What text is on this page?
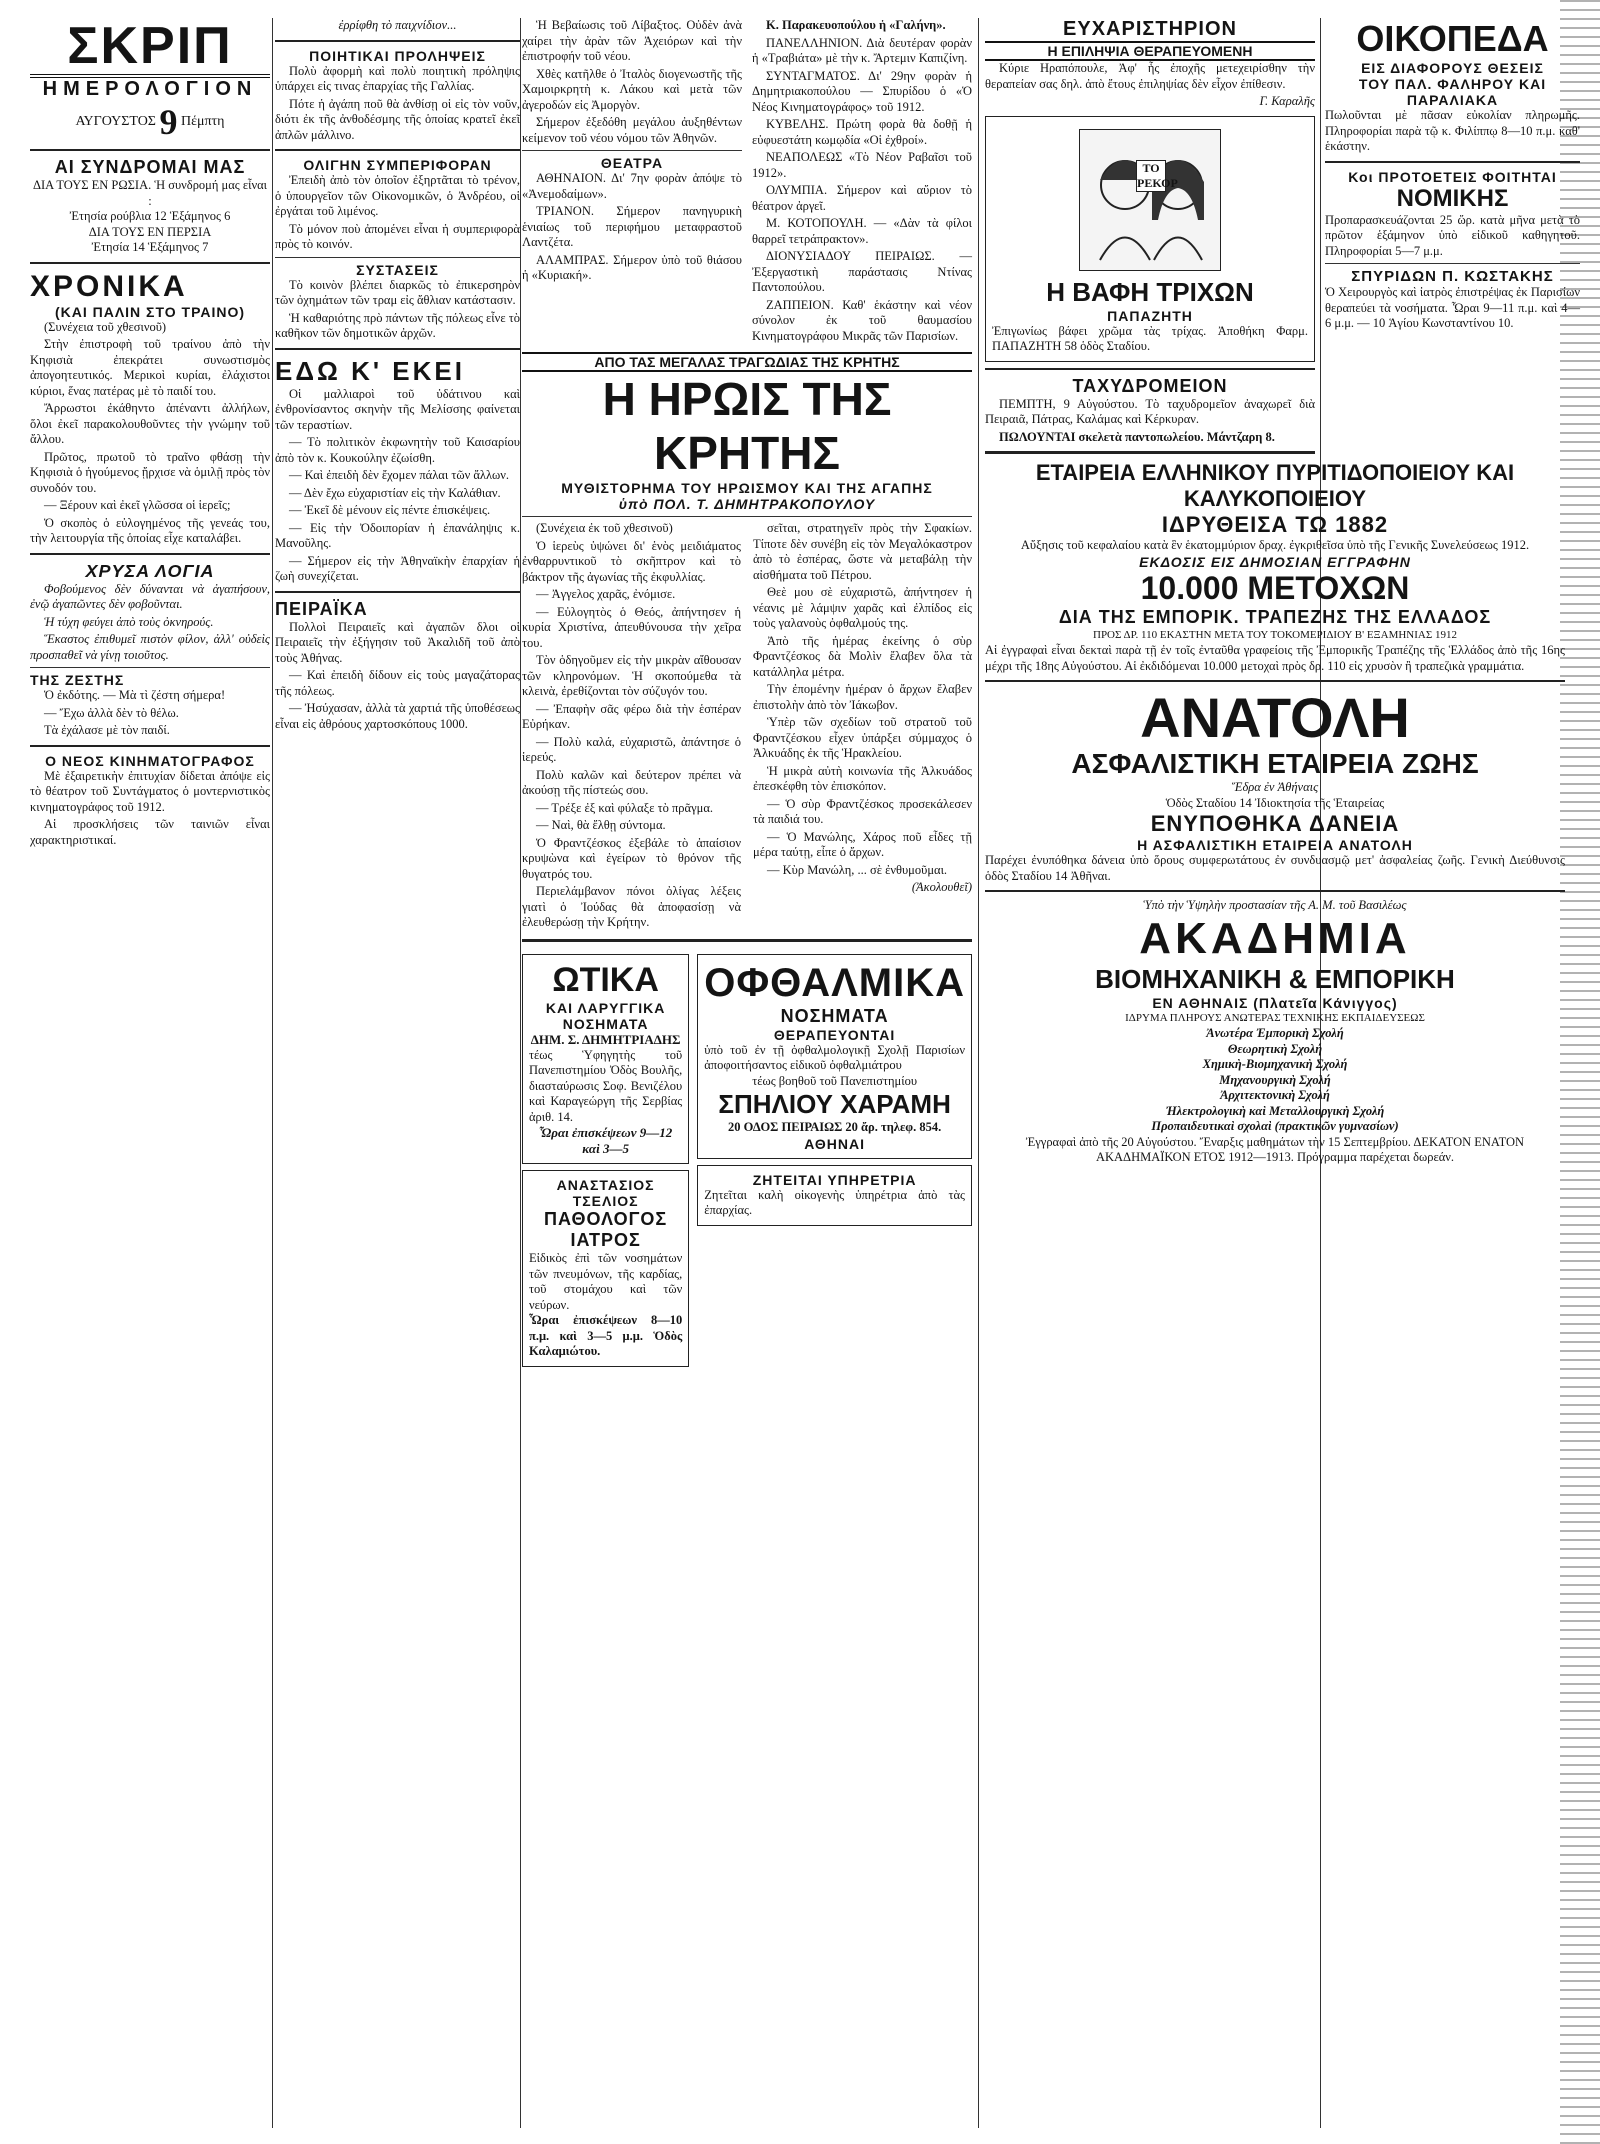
ΣΚΡΙΠ
ΗΜΕΡΟΛΟΓΙΟΝ
ΑΥΓΟΥΣΤΟΣ 9 Πέμπτη
ΑΙ ΣΥΝΔΡΟΜΑΙ ΜΑΣ
ΔΙΑ ΤΟΥΣ ΕΝ ΡΩΣΙΑ. Ἡ συνδρομή μας εἶναι :
Ἐτησία ρούβλια 12 Ἑξάμηνος 6
ΔΙΑ ΤΟΥΣ ΕΝ ΠΕΡΣΙΑ
Ἐτησία 14 Ἑξάμηνος 7
ΧΡΟΝΙΚΑ
(ΚΑΙ ΠΑΛΙΝ ΣΤΟ ΤΡΑΙΝΟ)

(Συνέχεια τοῦ χθεσινοῦ)

Στὴν ἐπιστροφὴ τοῦ τραίνου ἀπὸ τὴν Κηφισιὰ ἐπεκράτει συνωστισμὸς ἀπογοητευτικός. Μερικοὶ κυρίαι, ἐλάχιστοι κύριοι, ἕνας πατέρας μὲ τὸ παιδί του.

Ἄρρωστοι ἐκάθηντο ἀπέναντι ἀλλήλων, ὅλοι ἐκεῖ παρακολουθοῦντες τὴν γνώμην τοῦ ἄλλου.

Πρῶτος, πρωτοῦ τὸ τραῖνο φθάσῃ τὴν Κηφισιὰ ὁ ἡγούμενος ᾔρχισε νὰ ὁμιλῇ πρὸς τὸν συνοδόν του.

— Ξέρουν καὶ ἐκεῖ γλῶσσα οἱ ἱερεῖς;

Ὁ σκοπὸς ὁ εὐλογημένος τῆς γενεάς του, τὴν λειτουργία τῆς ὁποίας εἶχε καταλάβει.

ΧΡΥΣΑ ΛΟΓΙΑ

Φοβούμενος δὲν δύνανται νὰ ἀγαπήσουν, ἐνῷ ἀγαπῶντες δὲν φοβοῦνται.

Ἡ τύχη φεύγει ἀπὸ τοὺς ὀκνηρούς.

Ἕκαστος ἐπιθυμεῖ πιστὸν φίλον, ἀλλ' οὐδεὶς προσπαθεῖ νὰ γίνῃ τοιοῦτος.

ΤΗΣ ΖΕΣΤΗΣ

Ὁ ἐκδότης. — Μὰ τὶ ζέστη σήμερα!

— Ἔχω ἀλλὰ δὲν τὸ θέλω.

Τὰ ἐχάλασε μὲ τὸν παιδί.

Ο ΝΕΟΣ ΚΙΝΗΜΑΤΟΓΡΑΦΟΣ

Μὲ ἐξαιρετικὴν ἐπιτυχίαν δίδεται ἀπόψε εἰς τὸ θέατρον τοῦ Συντάγματος ὁ μοντερνιστικὸς κινηματογράφος τοῦ 1912.

Αἱ προσκλήσεις τῶν ταινιῶν εἶναι χαρακτηριστικαί.

ἐρρίφθη τὸ παιχνίδιον...
ΠΟΙΗΤΙΚΑΙ ΠΡΟΛΗΨΕΙΣ

Πολὺ ἀφορμὴ καὶ πολὺ ποιητικὴ πρόληψις ὑπάρχει εἰς τινας ἐπαρχίας τῆς Γαλλίας.

Πότε ἡ ἀγάπη ποῦ θὰ ἀνθίσῃ οἱ εἰς τὸν νοῦν, διότι ἐκ τῆς ἀνθοδέσμης τῆς ὁποίας κρατεῖ ἐκεῖ ἀπλῶν μάλλινο.

ΟΛΙΓΗΝ ΣΥΜΠΕΡΙΦΟΡΑΝ

Ἐπειδὴ ἀπὸ τὸν ὁποῖον ἐξηρτᾶται τὸ τρένον, ὁ ὑπουργεῖον τῶν Οἰκονομικῶν, ὁ Ἀνδρέου, οἱ ἐργάται τοῦ λιμένος.

Τὸ μόνον ποὺ ἀπομένει εἶναι ἡ συμπεριφορὰ πρὸς τὸ κοινόν.

ΣΥΣΤΑΣΕΙΣ

Τὸ κοινὸν βλέπει διαρκῶς τὸ ἐπικερσηρὸν τῶν ὀχημάτων τῶν τραμ εἰς ἄθλιαν κατάστασιν.

Ἡ καθαριότης πρὸ πάντων τῆς πόλεως εἶνε τὸ καθῆκον τῶν δημοτικῶν ἀρχῶν.

ΕΔΩ Κ' ΕΚΕΙ

Οἱ μαλλιαροὶ τοῦ ὑδάτινου καὶ ἐνθρονίσαντος σκηνὴν τῆς Μελίσσης φαίνεται τῶν τεραστίων.

— Τὸ πολιτικὸν ἐκφωνητὴν τοῦ Καισαρίου ἀπὸ τὸν κ. Κουκούλην ἐζωίσθη.

— Καὶ ἐπειδὴ δὲν ἔχομεν πάλαι τῶν ἄλλων.

— Δὲν ἔχω εὐχαριστίαν εἰς τὴν Καλάθιαν.

— Ἐκεῖ δὲ μένουν εἰς πέντε ἐπισκέψεις.

— Εἰς τὴν Ὀδοιπορίαν ἡ ἐπανάληψις κ. Μανοῦλης.

— Σήμερον εἰς τὴν Ἀθηναϊκὴν ἐπαρχίαν ἡ ζωὴ συνεχίζεται.

ΠΕΙΡΑΪΚΑ

Πολλοὶ Πειραιεῖς καὶ ἀγαπῶν δλοι οἱ Πειραιεῖς τὴν ἐξήγησιν τοῦ Ἀκαλιδῆ τοῦ ἀπὸ τοὺς Ἀθήνας.

— Καὶ ἐπειδὴ δίδουν εἰς τοὺς μαγαζάτορας τῆς πόλεως.

— Ἠσύχασαν, ἀλλὰ τὰ χαρτιά τῆς ὑποθέσεως εἶναι εἰς ἀθρόους χαρτοσκόπους 1000.

Ἡ Βεβαίωσις τοῦ Λίβαξτος. Οὐδὲν ἀνὰ χαίρει τὴν ἀρὰν τῶν Ἀχειόρων καὶ τὴν ἐπιστροφήν τοῦ νέου.

Χθὲς κατῆλθε ὁ Ἰταλὸς διογενωστῆς τῆς Χαμοιρκρητὴ κ. Λάκου καὶ μετὰ τῶν ἀγεροδών εἰς Ἀμοργὸν.

Σήμερον ἐξεδόθη μεγάλου ἀυξηθέντων κείμενον τοῦ νέου νόμου τῶν Ἀθηνῶν.

ΘΕΑΤΡΑ

ΑΘΗΝΑΙΟΝ. Δι' 7ην φορὰν ἀπόψε τὸ «Ἀνεμοδαίμων».

ΤΡΙΑΝΟΝ. Σήμερον πανηγυρικὴ ἑνιαίως τοῦ περιφήμου μεταφραστοῦ Λαντζέτα.

ΑΛΑΜΠΡΑΣ. Σήμερον ὑπὸ τοῦ θιάσου ἡ «Κυριακή».

Κ. Παρακευοπούλου ἡ «Γαλήνη».

ΠΑΝΕΛΛΗΝΙΟΝ. Διὰ δευτέραν φορὰν ἡ «Τραβιάτα» μὲ τὴν κ. Ἄρτεμιν Καπιζίνη.

ΣΥΝΤΑΓΜΑΤΟΣ. Δι' 29ην φορὰν ἡ Δημητριακοπούλου — Σπυρίδου ὁ «Ὁ Νέος Κινηματογράφος» τοῦ 1912.

ΚΥΒΕΛΗΣ. Πρώτη φορὰ θὰ δοθῇ ἡ εὐφυεστάτη κωμῳδία «Οἱ ἐχθροί».

ΝΕΑΠΟΛΕΩΣ «Τὸ Νέον Ραβαῖσι τοῦ 1912».

ΟΛΥΜΠΙΑ. Σήμερον καὶ αὔριον τὸ θέατρον ἀργεῖ.

Μ. ΚΟΤΟΠΟΥΛΗ. — «Δὰν τὰ φίλοι θαρρεῖ τετράπρακτον».

ΔΙΟΝΥΣΙΑΔΟΥ ΠΕΙΡΑΙΩΣ. — Ἐξεργαστικὴ παράστασις Ντίνας Παντοπούλου.

ΖΑΠΠΕΙΟΝ. Καθ' ἑκάστην καὶ νέον σύνολον ἐκ τοῦ θαυμασίου Κινηματογράφου Μικρᾶς τῶν Παρισίων.

ΑΠΟ ΤΑΣ ΜΕΓΑΛΑΣ ΤΡΑΓΩΔΙΑΣ ΤΗΣ ΚΡΗΤΗΣ
Η ΗΡΩΙΣ ΤΗΣ ΚΡΗΤΗΣ
ΜΥΘΙΣΤΟΡΗΜΑ ΤΟΥ ΗΡΩΙΣΜΟΥ ΚΑΙ ΤΗΣ ΑΓΑΠΗΣ
ὑπὸ ΠΟΛ. Τ. ΔΗΜΗΤΡΑΚΟΠΟΥΛΟΥ

(Συνέχεια ἐκ τοῦ χθεσινοῦ)

Ὁ ἱερεὺς ὑψώνει δι' ἑνὸς μειδιάματος ἐνθαρρυντικοῦ τὸ σκῆπτρον καὶ τὸ βάκτρον τῆς ἀγωνίας τῆς ἐκφυλλίας.

— Ἀγγελος χαρᾶς, ἐνόμισε.

— Εὐλογητὸς ὁ Θεός, ἀπήντησεν ἡ κυρία Χριστίνα, ἀπευθύνουσα τὴν χεῖρα του.

Τὸν ὁδηγοῦμεν εἰς τὴν μικρὰν αἴθουσαν τῶν κληρονόμων. Ἡ σκοπούμεθα τὰ κλεινὰ, ἐρεθίζονται τὸν σύζυγόν του.

— Ἐπαφὴν σᾶς φέρω διὰ τὴν ἑσπέραν Εὐρήκαν.

— Πολὺ καλά, εὐχαριστῶ, ἀπάντησε ὁ ἱερεύς.

Πολὺ καλῶν καὶ δεύτερον πρέπει νὰ ἀκούσῃ τῆς πίστεώς σου.

— Τρέξε ἐξ καὶ φύλαξε τὸ πρᾶγμα.

— Ναὶ, θὰ ἔλθῃ σύντομα.

Ὁ Φραντζέσκος ἐξεβάλε τὸ ἀπαίσιον κρυψὼνα καὶ ἐγείρων τὸ θρόνον τῆς θυγατρός του.

Περιελάμβανον πόνοι ὀλίγας λέξεις γιατὶ ὁ Ἰούδας θὰ ἀποφασίσῃ νὰ ἐλευθερώσῃ τὴν Κρήτην.

σεῖται, στρατηγεῖν πρὸς τὴν Σφακίων. Τίποτε δὲν συνέβη εἰς τὸν Μεγαλόκαστρον ἀπὸ τὸ ἐσπέρας, ὥστε νὰ μεταβάλῃ τὴν αἰσθήματα τοῦ Πέτρου.

Θεὲ μου σὲ εὐχαριστῶ, ἀπήντησεν ἡ νέανις μὲ λάμψιν χαρᾶς καὶ ἐλπίδος εἰς τοὺς γαλανοὺς ὀφθαλμούς της.

Ἀπὸ τῆς ἡμέρας ἐκείνης ὁ σὺρ Φραντζέσκος δὰ Μολὶν ἔλαβεν ὅλα τὰ κατάλληλα μέτρα.

Τὴν ἐπομένην ἡμέραν ὁ ἄρχων ἔλαβεν ἐπιστολὴν ἀπὸ τὸν Ἰάκωβον.

Ὑπὲρ τῶν σχεδίων τοῦ στρατοῦ τοῦ Φραντζέσκου εἶχεν ὑπάρξει σύμμαχος ὁ Ἀλκυάδης ἐκ τῆς Ἡρακλείου.

Ἡ μικρὰ αὐτὴ κοινωνία τῆς Ἀλκυάδος ἐπεσκέφθη τὸν ἐπισκόπον.

— Ὁ σὺρ Φραντζέσκος προσεκάλεσεν τὰ παιδιά του.

— Ὁ Μανώλης, Χάρος ποῦ εἶδες τῇ μέρα ταύτῃ, εἶπε ὁ ἄρχων.

— Κὺρ Μανώλη, ... σὲ ἐνθυμοῦμαι.

(Ἀκολουθεῖ)

ΩΤΙΚΑ
ΚΑΙ ΛΑΡΥΓΓΙΚΑ ΝΟΣΗΜΑΤΑ
ΔΗΜ. Σ. ΔΗΜΗΤΡΙΑΔΗΣ
τέως Ὑφηγητὴς τοῦ Πανεπιστημίου Ὀδὸς Βουλῆς, διασταύρωσις Σοφ. Βενιζέλου καὶ Καραγεώργη τῆς Σερβίας ἀριθ. 14.
Ὧραι ἐπισκέψεων 9—12 καὶ 3—5
ΑΝΑΣΤΑΣΙΟΣ ΤΣΕΛΙΟΣ
ΠΑΘΟΛΟΓΟΣ ΙΑΤΡΟΣ
Εἰδικὸς ἐπὶ τῶν νοσημάτων τῶν πνευμόνων, τῆς καρδίας, τοῦ στομάχου καὶ τῶν νεύρων.
Ὧραι ἐπισκέψεων 8—10 π.μ. καὶ 3—5 μ.μ. Ὁδὸς Καλαμιώτου.
ΟΦΘΑΛΜΙΚΑ
ΝΟΣΗΜΑΤΑ
ΘΕΡΑΠΕΥΟΝΤΑΙ
ὑπὸ τοῦ ἐν τῇ ὀφθαλμολογικῇ Σχολῇ Παρισίων ἀποφοιτήσαντος εἰδικοῦ ὀφθαλμιάτρου
τέως βοηθοῦ τοῦ Πανεπιστημίου
ΣΠΗΛΙΟΥ ΧΑΡΑΜΗ
20 ΟΔΟΣ ΠΕΙΡΑΙΩΣ 20 ἄρ. τηλεφ. 854.
ΑΘΗΝΑΙ
ΖΗΤΕΙΤΑΙ ΥΠΗΡΕΤΡΙΑ
Ζητεῖται καλὴ οἰκογενὴς ὑπηρέτρια ἀπὸ τὰς ἐπαρχίας.
ΕΥΧΑΡΙΣΤΗΡΙΟΝ
Η ΕΠΙΛΗΨΙΑ ΘΕΡΑΠΕΥΟΜΕΝΗ

Κύριε Ηραπόπουλε, Ἀφ' ἧς ἐποχῆς μετεχειρίσθην τὴν θεραπείαν σας δηλ. ἀπὸ ἔτους ἐπιληψίας δὲν εἶχον ἐπίθεσιν.

Γ. Καραλῆς

ΤΟ ΡΕΚΟΡ
Η ΒΑΦΗ ΤΡΙΧΩΝ
ΠΑΠΑΖΗΤΗ
Ἐπιγωνίως βάφει χρῶμα τὰς τρίχας. Ἀποθήκη Φαρμ. ΠΑΠΑΖΗΤΗ 58 ὁδὸς Σταδίου.
ΤΑΧΥΔΡΟΜΕΙΟΝ

ΠΕΜΠΤΗ, 9 Αὐγούστου. Τὸ ταχυδρομεῖον ἀναχωρεῖ διὰ Πειραιᾶ, Πάτρας, Καλάμας καὶ Κέρκυραν.

ΠΩΛΟΥΝΤΑΙ σκελετὰ παντοπωλείου. Μάντζαρη 8.

ΕΤΑΙΡΕΙΑ ΕΛΛΗΝΙΚΟΥ ΠΥΡΙΤΙΔΟΠΟΙΕΙΟΥ ΚΑΙ ΚΑΛΥΚΟΠΟΙΕΙΟΥ
ΙΔΡΥΘΕΙΣΑ ΤΩ 1882
Αὔξησις τοῦ κεφαλαίου κατὰ ἓν ἑκατομμύριον δραχ. ἐγκριθεῖσα ὑπὸ τῆς Γενικῆς Συνελεύσεως 1912.
ΕΚΔΟΣΙΣ ΕΙΣ ΔΗΜΟΣΙΑΝ ΕΓΓΡΑΦΗΝ
10.000 ΜΕΤΟΧΩΝ
ΔΙΑ ΤΗΣ ΕΜΠΟΡΙΚ. ΤΡΑΠΕΖΗΣ ΤΗΣ ΕΛΛΑΔΟΣ
ΠΡΟΣ ΔΡ. 110 ΕΚΑΣΤΗΝ ΜΕΤΑ ΤΟΥ ΤΟΚΟΜΕΡΙΔΙΟΥ Β' ΕΞΑΜΗΝΙΑΣ 1912
Αἱ ἐγγραφαὶ εἶναι δεκταὶ παρὰ τῇ ἐν τοῖς ἐνταῦθα γραφείοις τῆς Ἐμπορικῆς Τραπέζης τῆς Ἑλλάδος ἀπὸ τῆς 16ης μέχρι τῆς 18ης Αὐγούστου. Αἱ ἐκδιδόμεναι 10.000 μετοχαὶ πρὸς δρ. 110 εἰς χρυσὸν ἢ τραπεζικὰ γραμμάτια.
ΑΝΑΤΟΛΗ
ΑΣΦΑΛΙΣΤΙΚΗ ΕΤΑΙΡΕΙΑ ΖΩΗΣ
Ἕδρα ἐν Ἀθήναις
Ὁδὸς Σταδίου 14 Ἰδιοκτησία τῆς Ἑταιρείας
ΕΝΥΠΟΘΗΚΑ ΔΑΝΕΙΑ
Η ΑΣΦΑΛΙΣΤΙΚΗ ΕΤΑΙΡΕΙΑ ΑΝΑΤΟΛΗ
Παρέχει ἐνυπόθηκα δάνεια ὑπὸ ὅρους συμφερωτάτους ἐν συνδυασμῷ μετ' ἀσφαλείας ζωῆς. Γενικὴ Διεύθυνσις ὁδὸς Σταδίου 14 Ἀθῆναι.
Ὑπὸ τὴν Ὑψηλὴν προστασίαν τῆς Α. Μ. τοῦ Βασιλέως
ΑΚΑΔΗΜΙΑ
ΒΙΟΜΗΧΑΝΙΚΗ & ΕΜΠΟΡΙΚΗ
ΕΝ ΑΘΗΝΑΙΣ (Πλατεῖα Κάνιγγος)
ΙΔΡΥΜΑ ΠΛΗΡΟΥΣ ΑΝΩΤΕΡΑΣ ΤΕΧΝΙΚΗΣ ΕΚΠΑΙΔΕΥΣΕΩΣ
Ἀνωτέρα Ἐμπορικὴ Σχολή
Θεωρητικὴ Σχολή
Χημικὴ-Βιομηχανικὴ Σχολή
Μηχανουργικὴ Σχολή
Ἀρχιτεκτονικὴ Σχολή
Ἠλεκτρολογικὴ καὶ Μεταλλουργικὴ Σχολή
Προπαιδευτικαὶ σχολαὶ (πρακτικῶν γυμνασίων)
Ἐγγραφαὶ ἀπὸ τῆς 20 Αὐγούστου. Ἔναρξις μαθημάτων τὴν 15 Σεπτεμβρίου. ΔΕΚΑΤΟΝ ΕΝΑΤΟΝ ΑΚΑΔΗΜΑΪΚΟΝ ΕΤΟΣ 1912—1913. Πρόγραμμα παρέχεται δωρεάν.
ΟΙΚΟΠΕΔΑ
ΕΙΣ ΔΙΑΦΟΡΟΥΣ ΘΕΣΕΙΣ
ΤΟΥ ΠΑΛ. ΦΑΛΗΡΟΥ ΚΑΙ ΠΑΡΑΛΙΑΚΑ
Πωλοῦνται μὲ πᾶσαν εὐκολίαν πληρωμῆς. Πληροφορίαι παρὰ τῷ κ. Φιλίππῳ 8—10 π.μ. καθ' ἑκάστην.
Κοι ΠΡΟΤΟΕΤΕΙΣ ΦΟΙΤΗΤΑΙ
ΝΟΜΙΚΗΣ
Προπαρασκευάζονται 25 ὥρ. κατὰ μῆνα μετὰ τὸ πρῶτον ἑξάμηνον ὑπὸ εἰδικοῦ καθηγητοῦ. Πληροφορίαι 5—7 μ.μ.
ΣΠΥΡΙΔΩΝ Π. ΚΩΣΤΑΚΗΣ
Ὁ Χειρουργὸς καὶ ἰατρὸς ἐπιστρέψας ἐκ Παρισίων θεραπεύει τὰ νοσήματα. Ὧραι 9—11 π.μ. καὶ 4—6 μ.μ. — 10 Ἁγίου Κωνσταντίνου 10.
